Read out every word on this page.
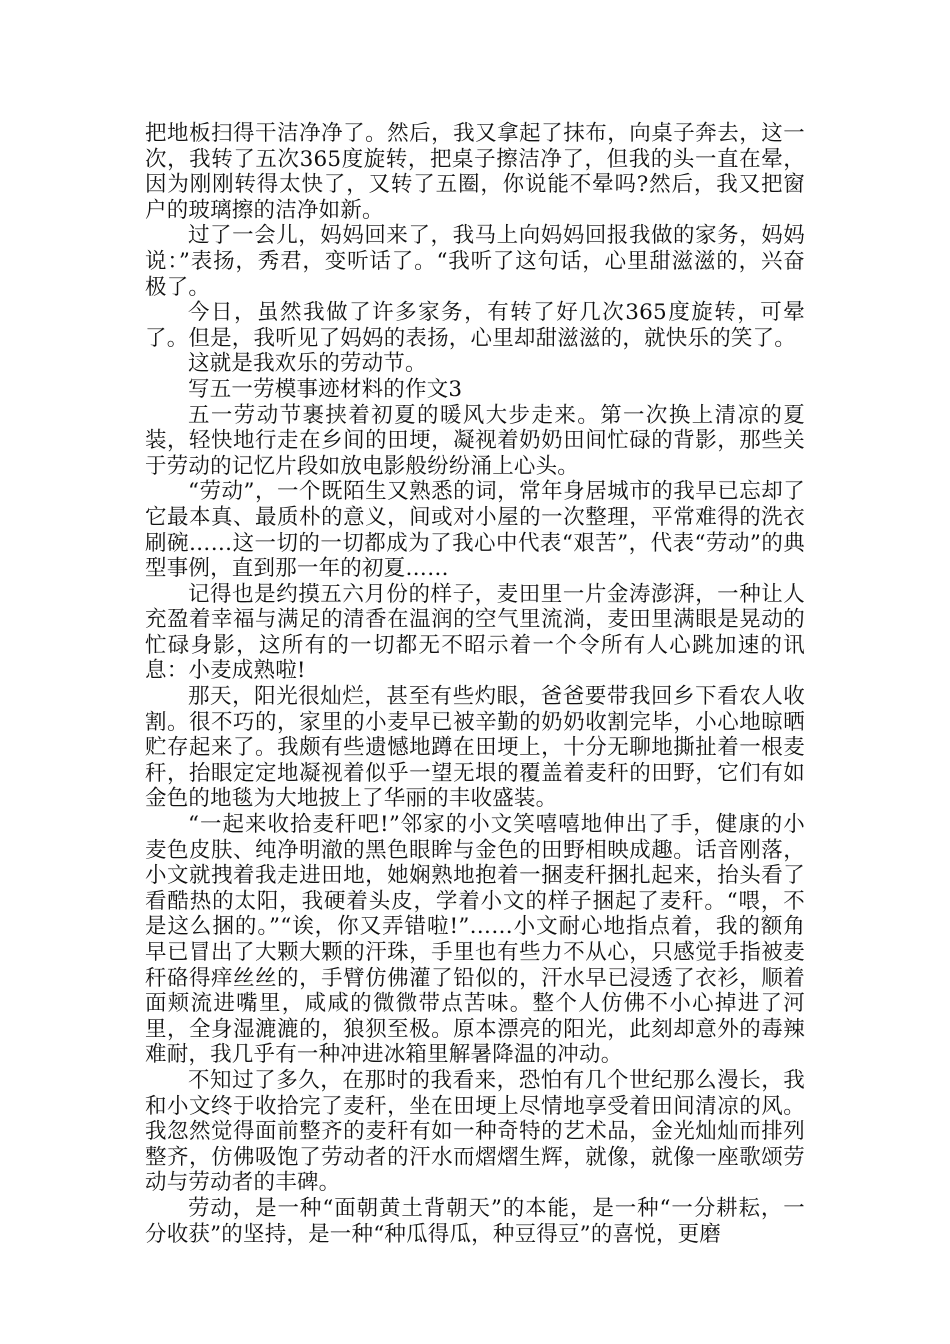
把地板扫得干洁净净了。然后，我又拿起了抹布，向桌子奔去，这一次，我转了五次365度旋转，把桌子擦洁净了，但我的头一直在晕，因为刚刚转得太快了，又转了五圈，你说能不晕吗?然后，我又把窗户的玻璃擦的洁净如新。

过了一会儿，妈妈回来了，我马上向妈妈回报我做的家务，妈妈说：”表扬，秀君，变听话了。“我听了这句话，心里甜滋滋的，兴奋极了。

今日，虽然我做了许多家务，有转了好几次365度旋转，可晕了。但是，我听见了妈妈的表扬，心里却甜滋滋的，就快乐的笑了。

这就是我欢乐的劳动节。

写五一劳模事迹材料的作文3

五一劳动节裹挟着初夏的暖风大步走来。第一次换上清凉的夏装，轻快地行走在乡间的田埂，凝视着奶奶田间忙碌的背影，那些关于劳动的记忆片段如放电影般纷纷涌上心头。

“劳动”，一个既陌生又熟悉的词，常年身居城市的我早已忘却了它最本真、最质朴的意义，间或对小屋的一次整理，平常难得的洗衣刷碗……这一切的一切都成为了我心中代表“艰苦”，代表“劳动”的典型事例，直到那一年的初夏……

记得也是约摸五六月份的样子，麦田里一片金涛澎湃，一种让人充盈着幸福与满足的清香在温润的空气里流淌，麦田里满眼是晃动的忙碌身影，这所有的一切都无不昭示着一个令所有人心跳加速的讯息：小麦成熟啦!

那天，阳光很灿烂，甚至有些灼眼，爸爸要带我回乡下看农人收割。很不巧的，家里的小麦早已被辛勤的奶奶收割完毕，小心地晾晒贮存起来了。我颇有些遗憾地蹲在田埂上，十分无聊地撕扯着一根麦秆，抬眼定定地凝视着似乎一望无垠的覆盖着麦秆的田野，它们有如金色的地毯为大地披上了华丽的丰收盛装。

“一起来收拾麦秆吧!”邻家的小文笑嘻嘻地伸出了手，健康的小麦色皮肤、纯净明澈的黑色眼眸与金色的田野相映成趣。话音刚落，小文就拽着我走进田地，她娴熟地抱着一捆麦秆捆扎起来，抬头看了看酷热的太阳，我硬着头皮，学着小文的样子捆起了麦秆。“喂，不是这么捆的。”“诶，你又弄错啦!”……小文耐心地指点着，我的额角早已冒出了大颗大颗的汗珠，手里也有些力不从心，只感觉手指被麦秆硌得痒丝丝的，手臂仿佛灌了铅似的，汗水早已浸透了衣衫，顺着面颊流进嘴里，咸咸的微微带点苦味。整个人仿佛不小心掉进了河里，全身湿漉漉的，狼狈至极。原本漂亮的阳光，此刻却意外的毒辣难耐，我几乎有一种冲进冰箱里解暑降温的冲动。

不知过了多久，在那时的我看来，恐怕有几个世纪那么漫长，我和小文终于收拾完了麦秆，坐在田埂上尽情地享受着田间清凉的风。我忽然觉得面前整齐的麦秆有如一种奇特的艺术品，金光灿灿而排列整齐，仿佛吸饱了劳动者的汗水而熠熠生辉，就像，就像一座歌颂劳动与劳动者的丰碑。

劳动，是一种“面朝黄土背朝天”的本能，是一种“一分耕耘，一分收获”的坚持，是一种“种瓜得瓜，种豆得豆”的喜悦，更磨
